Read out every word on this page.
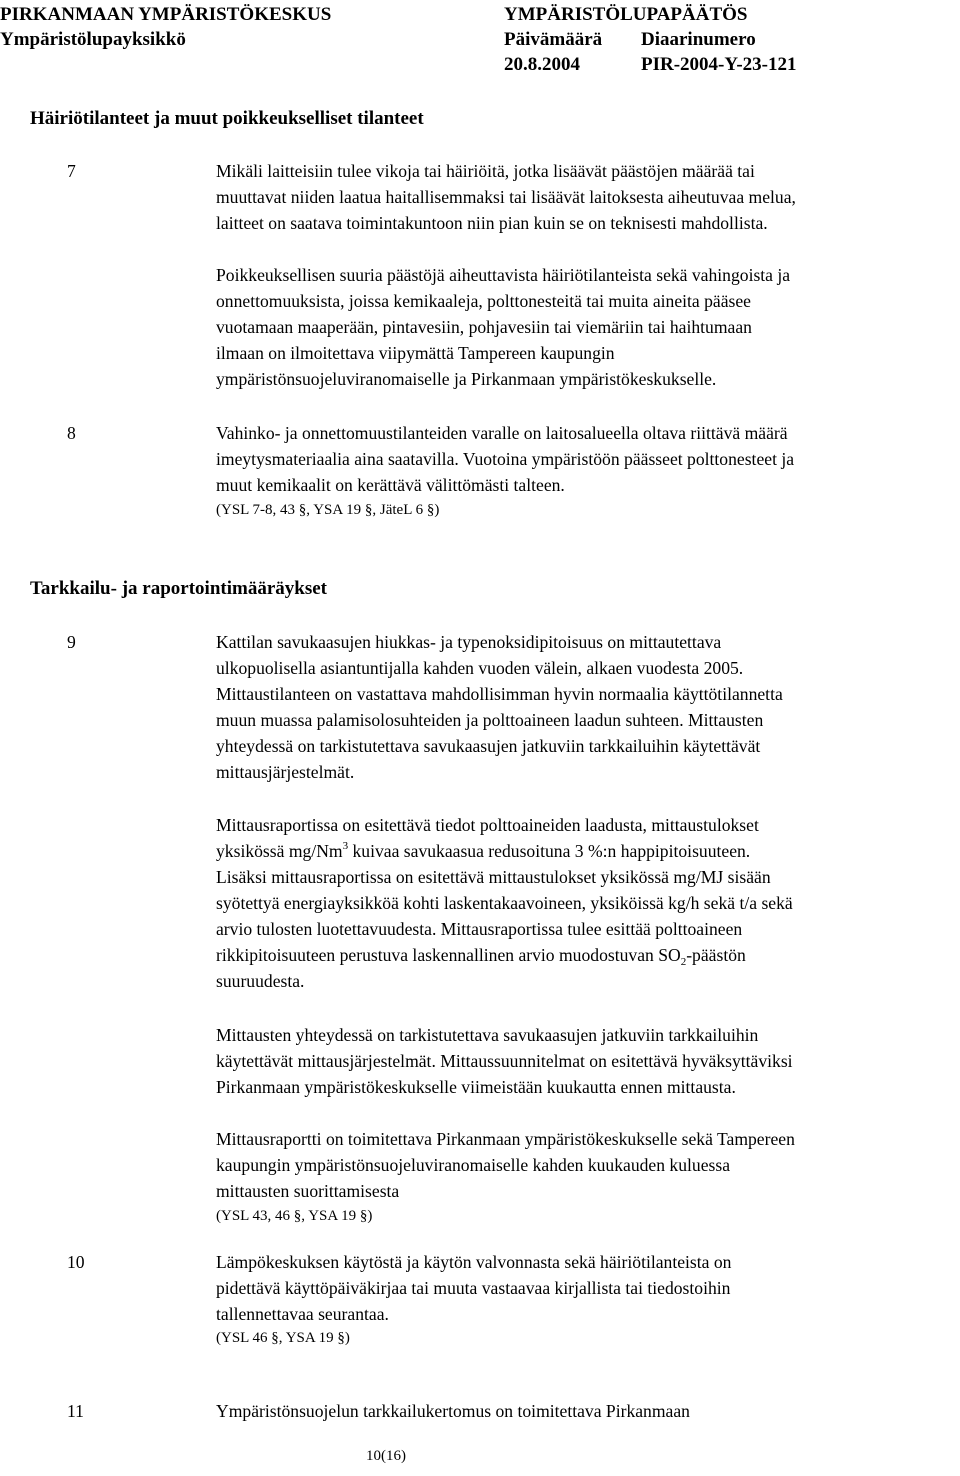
PIRKANMAAN YMPÄRISTÖKESKUS	YMPÄRISTÖLUPAPÄÄTÖS
Ympäristölupayksikkö	Päivämäärä Diaarinumero
20.8.2004	PIR-2004-Y-23-121
Häiriötilanteet ja muut poikkeukselliset tilanteet
7	Mikäli laitteisiin tulee vikoja tai häiriöitä, jotka lisäävät päästöjen määrää tai
muuttavat niiden laatua haitallisemmaksi tai lisäävät laitoksesta aiheutuvaa melua,
laitteet on saatava toimintakuntoon niin pian kuin se on teknisesti mahdollista.
Poikkeuksellisen suuria päästöjä aiheuttavista häiriötilanteista sekä vahingoista ja
onnettomuuksista, joissa kemikaaleja, polttonesteitä tai muita aineita pääsee
vuotamaan maaperään, pintavesiin, pohjavesiin tai viemäriin tai haihtumaan
ilmaan on ilmoitettava viipymättä Tampereen kaupungin
ympäristönsuojeluviranomaiselle ja Pirkanmaan ympäristökeskukselle.
8	Vahinko- ja onnettomuustilanteiden varalle on laitosalueella oltava riittävä määrä
imeytysmateriaalia aina saatavilla. Vuotoina ympäristöön päässeet polttonesteet ja
muut kemikaalit on kerättävä välittömästi talteen.
(YSL 7-8, 43 §, YSA 19 §, JäteL 6 §)
Tarkkailu- ja raportointimääräykset
9	Kattilan savukaasujen hiukkas- ja typenoksidipitoisuus on mittautettava
ulkopuolisella asiantuntijalla kahden vuoden välein, alkaen vuodesta 2005.
Mittaustilanteen on vastattava mahdollisimman hyvin normaalia käyttötilannetta
muun muassa palamisolosuhteiden ja polttoaineen laadun suhteen. Mittausten
yhteydessä on tarkistutettava savukaasujen jatkuviin tarkkailuihin käytettävät
mittausjärjestelmät.
Mittausraportissa on esitettävä tiedot polttoaineiden laadusta, mittaustulokset
yksikössä mg/Nm$^3$ kuivaa savukaasua redusoituna 3 %:n happipitoisuuteen.
Lisäksi mittausraportissa on esitettävä mittaustulokset yksikössä mg/MJ sisään
syötettyä energiayksikköä kohti laskentakaavoineen, yksiköissä kg/h sekä t/a sekä
arvio tulosten luotettavuudesta. Mittausraportissa tulee esittää polttoaineen
rikkipitoisuuteen perustuva laskennallinen arvio muodostuvan $SO_2$-päästön
suuruudesta.
Mittausten yhteydessä on tarkistutettava savukaasujen jatkuviin tarkkailuihin
käytettävät mittausjärjestelmät. Mittaussuunnitelmat on esitettävä hyväksyttäviksi
Pirkanmaan ympäristökeskukselle viimeistään kuukautta ennen mittausta.
Mittausraportti on toimitettava Pirkanmaan ympäristökeskukselle sekä Tampereen
kaupungin ympäristönsuojeluviranomaiselle kahden kuukauden kuluessa
mittausten suorittamisesta
(YSL 43, 46 §, YSA 19 §)
10	Lämpökeskuksen käytöstä ja käytön valvonnasta sekä häiriötilanteista on
pidettävä käyttöpäiväkirjaa tai muuta vastaavaa kirjallista tai tiedostoihin
tallennettavaa seurantaa.
(YSL 46 §, YSA 19 §)
11	Ympäristönsuojelun tarkkailukertomus on toimitettava Pirkanmaan
10(16)
